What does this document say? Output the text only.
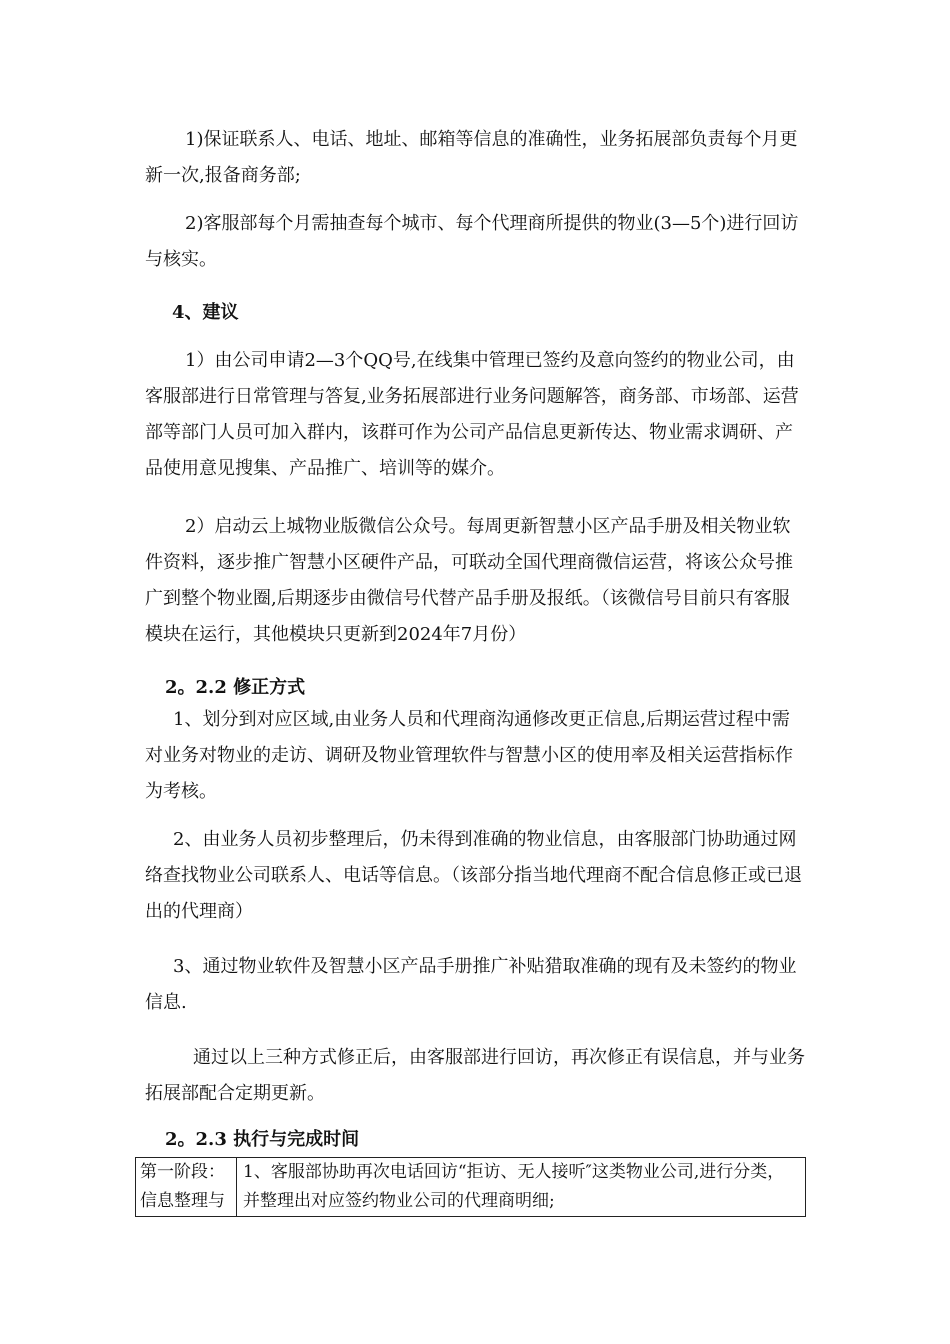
1)保证联系人、电话、地址、邮箱等信息的准确性，业务拓展部负责每个月更新一次,报备商务部;

2)客服部每个月需抽查每个城市、每个代理商所提供的物业(3—5个)进行回访与核实。

4、建议

1）由公司申请2—3个QQ号,在线集中管理已签约及意向签约的物业公司，由客服部进行日常管理与答复,业务拓展部进行业务问题解答，商务部、市场部、运营部等部门人员可加入群内，该群可作为公司产品信息更新传达、物业需求调研、产品使用意见搜集、产品推广、培训等的媒介。

2）启动云上城物业版微信公众号。每周更新智慧小区产品手册及相关物业软件资料，逐步推广智慧小区硬件产品，可联动全国代理商微信运营，将该公众号推广到整个物业圈,后期逐步由微信号代替产品手册及报纸。（该微信号目前只有客服模块在运行，其他模块只更新到2024年7月份）

2。2.2 修正方式

1、划分到对应区域,由业务人员和代理商沟通修改更正信息,后期运营过程中需对业务对物业的走访、调研及物业管理软件与智慧小区的使用率及相关运营指标作为考核。

2、由业务人员初步整理后，仍未得到准确的物业信息，由客服部门协助通过网络查找物业公司联系人、电话等信息。（该部分指当地代理商不配合信息修正或已退出的代理商）

3、通过物业软件及智慧小区产品手册推广补贴猎取准确的现有及未签约的物业信息.

通过以上三种方式修正后，由客服部进行回访，再次修正有误信息，并与业务拓展部配合定期更新。

2。2.3 执行与完成时间

第一阶段：
信息整理与
	1、客服部协助再次电话回访“拒访、无人接听″这类物业公司,进行分类，并整理出对应签约物业公司的代理商明细;
